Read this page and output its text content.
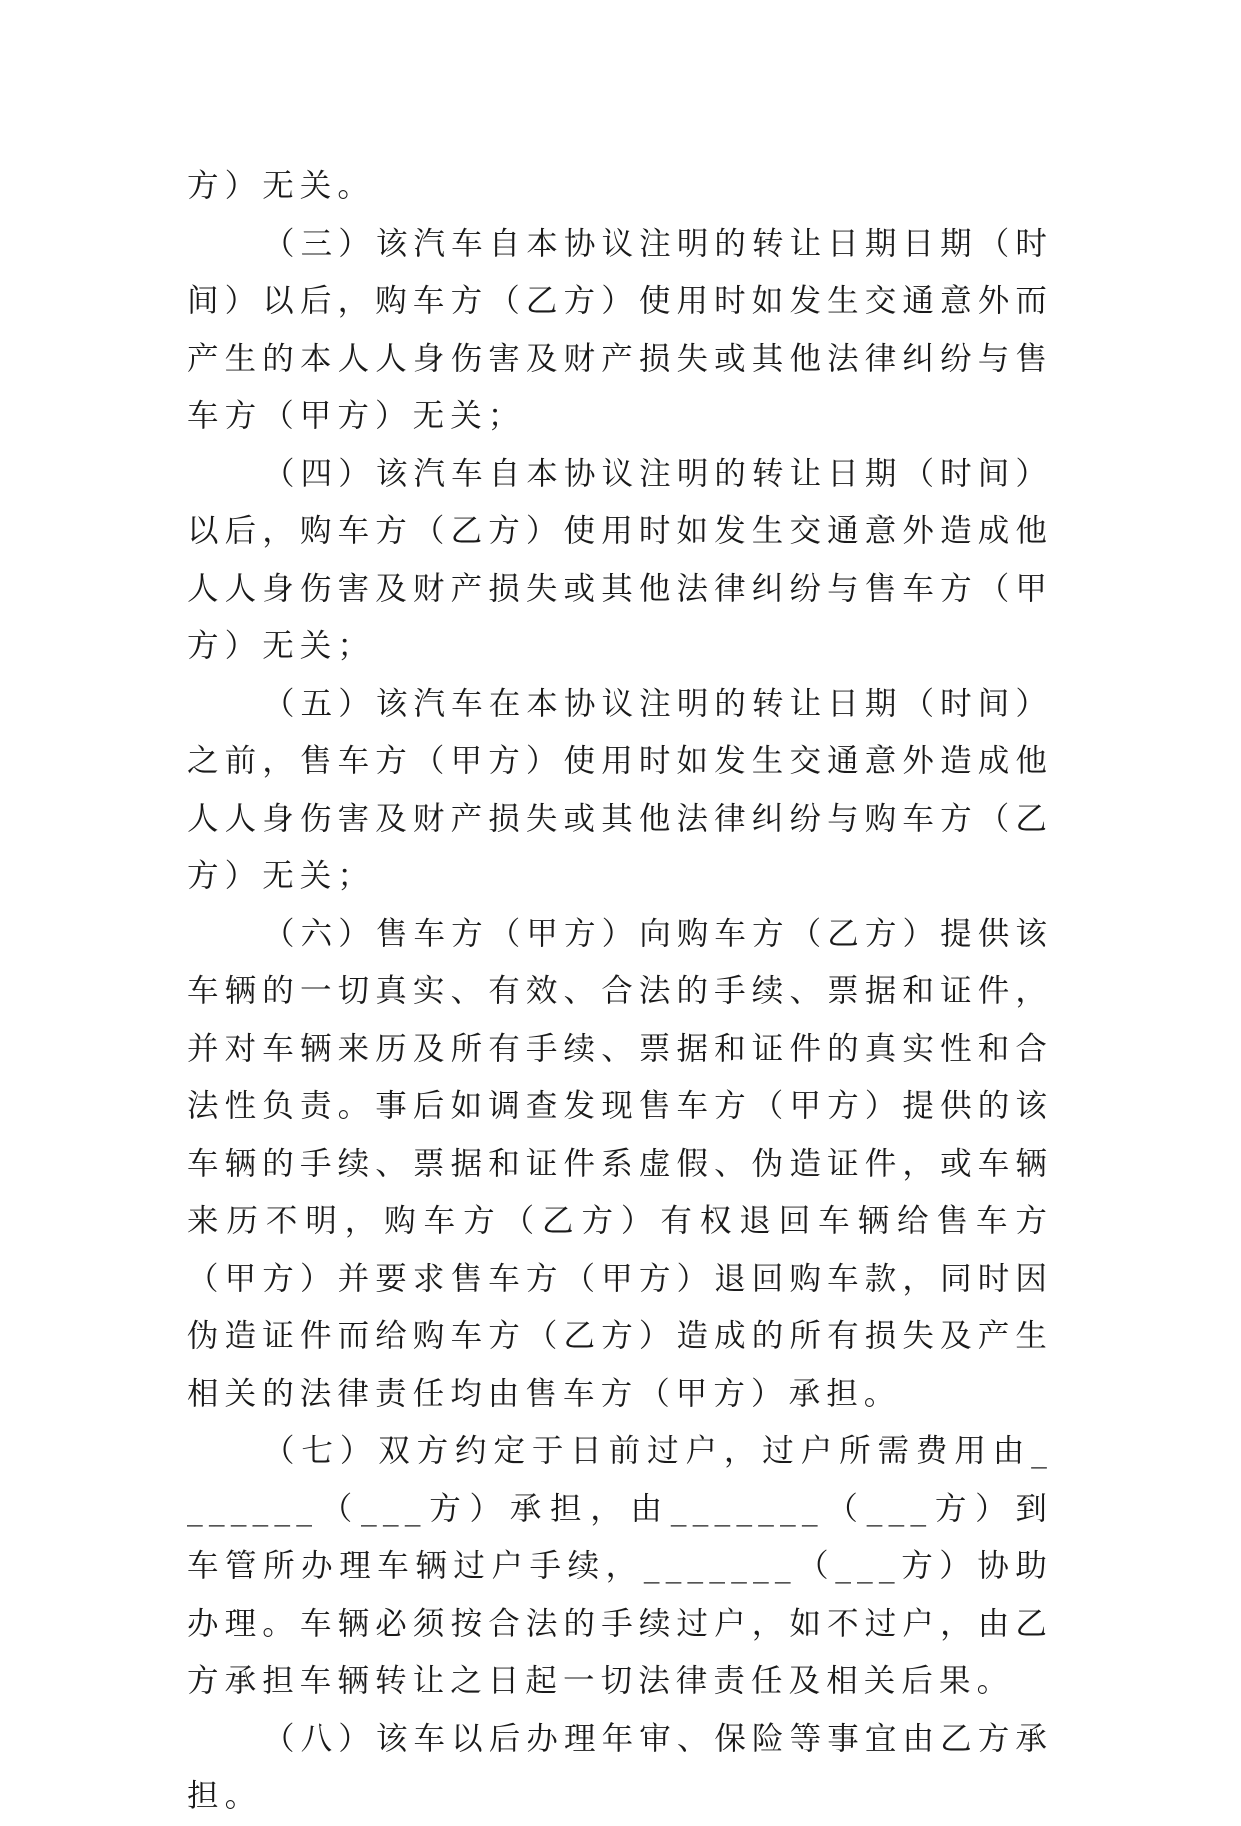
方）无关。

（三）该汽车自本协议注明的转让日期日期（时间）以后，购车方（乙方）使用时如发生交通意外而产生的本人人身伤害及财产损失或其他法律纠纷与售车方（甲方）无关；

（四）该汽车自本协议注明的转让日期（时间）以后，购车方（乙方）使用时如发生交通意外造成他人人身伤害及财产损失或其他法律纠纷与售车方（甲方）无关；

（五）该汽车在本协议注明的转让日期（时间）之前，售车方（甲方）使用时如发生交通意外造成他人人身伤害及财产损失或其他法律纠纷与购车方（乙方）无关；

（六）售车方（甲方）向购车方（乙方）提供该车辆的一切真实、有效、合法的手续、票据和证件，并对车辆来历及所有手续、票据和证件的真实性和合法性负责。事后如调查发现售车方（甲方）提供的该车辆的手续、票据和证件系虚假、伪造证件，或车辆来历不明，购车方（乙方）有权退回车辆给售车方（甲方）并要求售车方（甲方）退回购车款，同时因伪造证件而给购车方（乙方）造成的所有损失及产生相关的法律责任均由售车方（甲方）承担。

（七）双方约定于日前过户，过户所需费用由_______（___方）承担，由_______（___方）到车管所办理车辆过户手续，_______（___方）协助办理。车辆必须按合法的手续过户，如不过户，由乙方承担车辆转让之日起一切法律责任及相关后果。

（八）该车以后办理年审、保险等事宜由乙方承担。
